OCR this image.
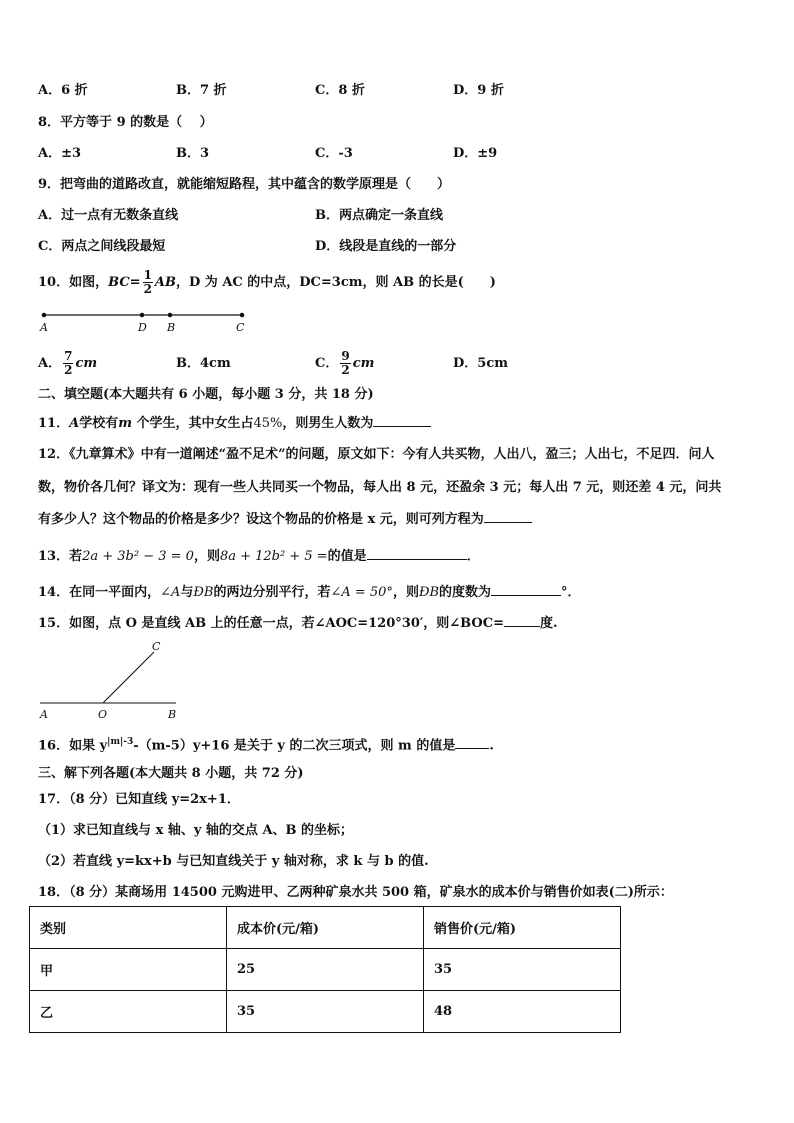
A．6 折	B．7 折	C．8 折	D．9 折
8．平方等于 9 的数是（　 ）
A．±3	B．3	C．-3	D．±9
9．把弯曲的道路改直，就能缩短路程，其中蕴含的数学原理是（　　）
A．过一点有无数条直线	B．两点确定一条直线
C．两点之间线段最短	D．线段是直线的一部分
10．如图，$BC= \frac{1}{2}$ AB，D 为 AC 的中点，DC=3cm，则 AB 的长是(　　)
A	D B	C
A． $\frac{7}{2}$ cm	B．4cm	C． $\frac{9}{2}$ cm	D．5cm
二、填空题(本大题共有 6 小题，每小题 3 分，共 18 分)
11．A学校有m 个学生，其中女生占45%，则男生人数为
12．《九章算术》中有一道阐述“盈不足术”的问题，原文如下：今有人共买物，人出八，盈三；人出七，不足四．问人
数，物价各几何？译文为：现有一些人共同买一个物品，每人出 8 元，还盈余 3 元；每人出 7 元，则还差 4 元，问共
有多少人？这个物品的价格是多少？设这个物品的价格是 x 元，则可列方程为
13．若2a + 3b² − 3 = 0，则8a + 12b² + 5 =的值是	．
14．在同一平面内，∠A与ÐB的两边分别平行，若∠A = 50°，则ÐB的度数为	°．
15．如图，点 O 是直线 AB 上的任意一点，若∠AOC=120°30′，则∠BOC=	度.
C
A	O	B
16．如果 $y^{|m|-3}-(m-5)y+16$ 是关于 y 的二次三项式，则 m 的值是	.
三、解下列各题(本大题共 8 小题，共 72 分)
17．（8 分）已知直线 y=2x+1．
（1）求已知直线与 x 轴、y 轴的交点 A、B 的坐标；
（2）若直线 y=kx+b 与已知直线关于 y 轴对称，求 k 与 b 的值.
18．（8 分）某商场用 14500 元购进甲、乙两种矿泉水共 500 箱，矿泉水的成本价与销售价如表(二)所示：
类别	成本价(元/箱)	销售价(元/箱)
甲	25	35
乙	35	48
